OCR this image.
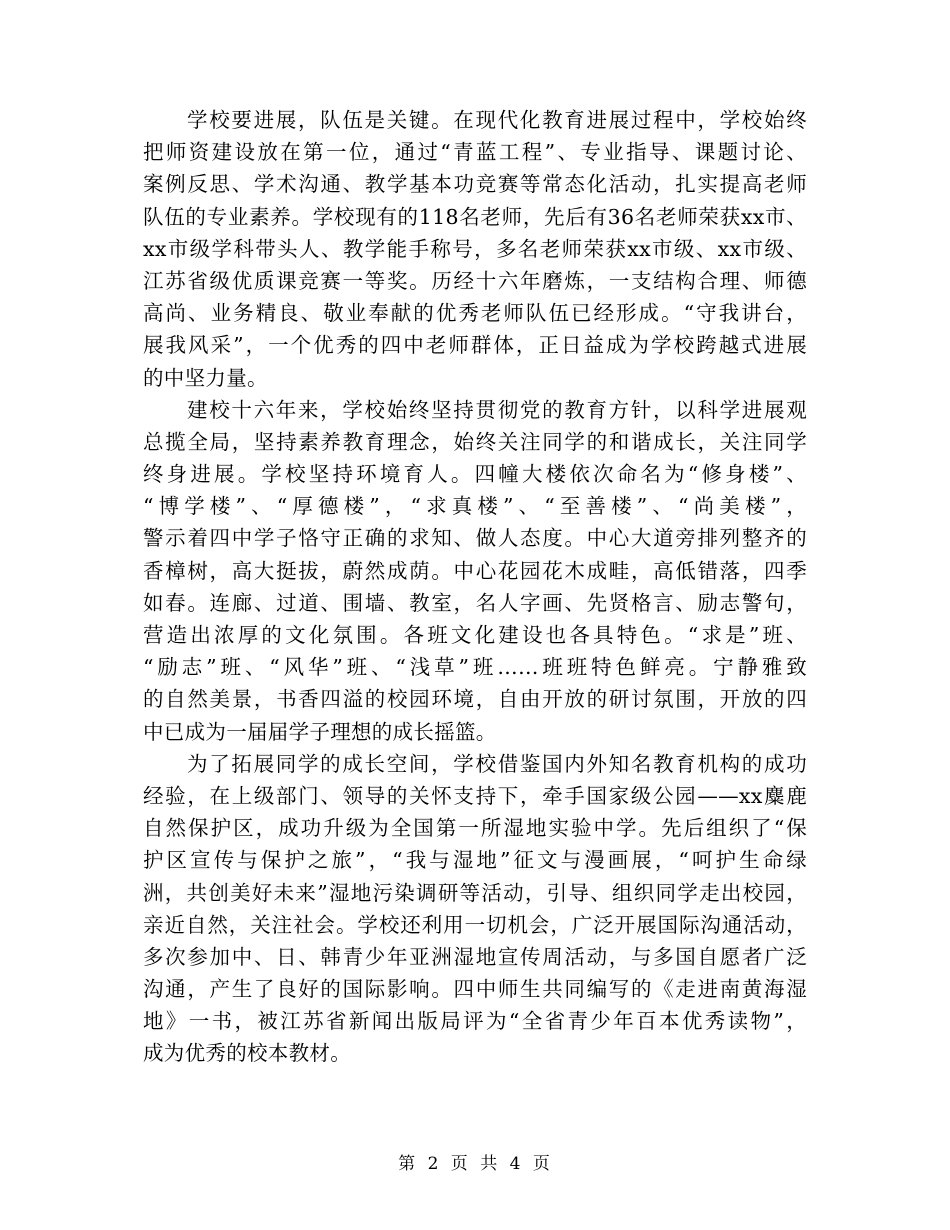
学校要进展，队伍是关键。在现代化教育进展过程中，学校始终
把师资建设放在第一位，通过“青蓝工程”、专业指导、课题讨论、
案例反思、学术沟通、教学基本功竞赛等常态化活动，扎实提高老师
队伍的专业素养。学校现有的118名老师，先后有36名老师荣获xx市、
xx市级学科带头人、教学能手称号，多名老师荣获xx市级、xx市级、
江苏省级优质课竞赛一等奖。历经十六年磨炼，一支结构合理、师德
高尚、业务精良、敬业奉献的优秀老师队伍已经形成。“守我讲台，
展我风采”，一个优秀的四中老师群体，正日益成为学校跨越式进展
的中坚力量。
建校十六年来，学校始终坚持贯彻党的教育方针，以科学进展观
总揽全局，坚持素养教育理念，始终关注同学的和谐成长，关注同学
终身进展。学校坚持环境育人。四幢大楼依次命名为“修身楼”、
“博学楼”、“厚德楼”，“求真楼”、“至善楼”、“尚美楼”，
警示着四中学子恪守正确的求知、做人态度。中心大道旁排列整齐的
香樟树，高大挺拔，蔚然成荫。中心花园花木成畦，高低错落，四季
如春。连廊、过道、围墙、教室，名人字画、先贤格言、励志警句，
营造出浓厚的文化氛围。各班文化建设也各具特色。“求是”班、
“励志”班、“风华”班、“浅草”班……班班特色鲜亮。宁静雅致
的自然美景，书香四溢的校园环境，自由开放的研讨氛围，开放的四
中已成为一届届学子理想的成长摇篮。
为了拓展同学的成长空间，学校借鉴国内外知名教育机构的成功
经验，在上级部门、领导的关怀支持下，牵手国家级公园——xx麋鹿
自然保护区，成功升级为全国第一所湿地实验中学。先后组织了“保
护区宣传与保护之旅”，“我与湿地”征文与漫画展，“呵护生命绿
洲，共创美好未来”湿地污染调研等活动，引导、组织同学走出校园，
亲近自然，关注社会。学校还利用一切机会，广泛开展国际沟通活动，
多次参加中、日、韩青少年亚洲湿地宣传周活动，与多国自愿者广泛
沟通，产生了良好的国际影响。四中师生共同编写的《走进南黄海湿
地》一书，被江苏省新闻出版局评为“全省青少年百本优秀读物”，
成为优秀的校本教材。
第 2 页 共 4 页
